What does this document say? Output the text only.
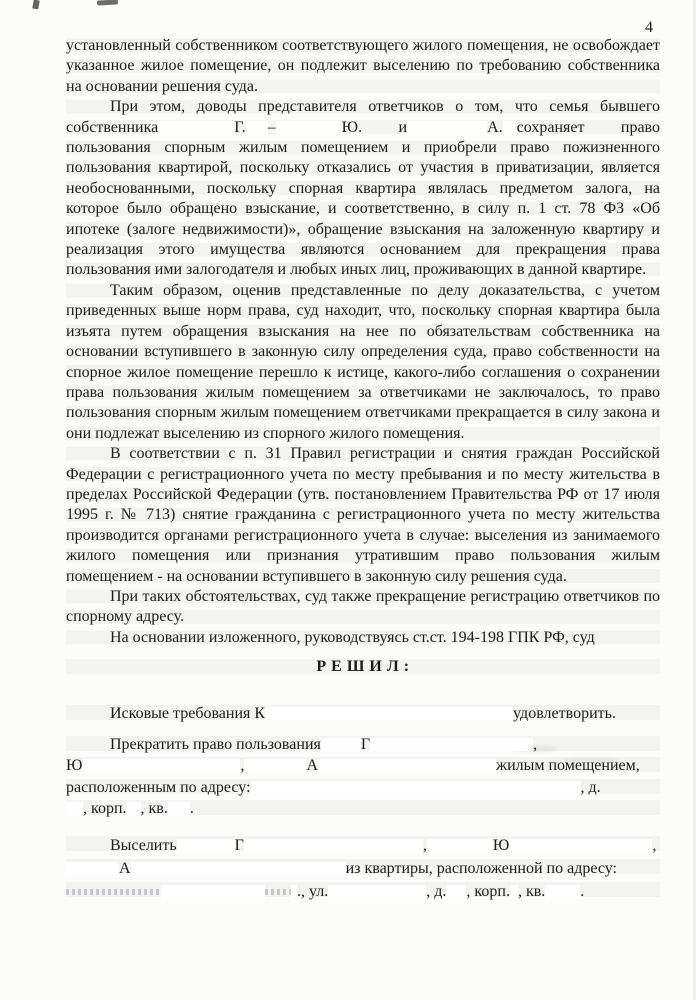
4

установленный собственником соответствующего жилого помещения, не освобождает указанное жилое помещение, он подлежит выселению по требованию собственника на основании решения суда.

При этом, доводы представителя ответчиков о том, что семья бывшего собственника	Г. –	Ю. и	А. сохраняет право пользования спорным жилым помещением и приобрели право пожизненного пользования квартирой, поскольку отказались от участия в приватизации, является необоснованными, поскольку спорная квартира являлась предметом залога, на которое было обращено взыскание, и соответственно, в силу п. 1 ст. 78 ФЗ «Об ипотеке (залоге недвижимости)», обращение взыскания на заложенную квартиру и реализация этого имущества являются основанием для прекращения права пользования ими залогодателя и любых иных лиц, проживающих в данной квартире.

Таким образом, оценив представленные по делу доказательства, с учетом приведенных выше норм права, суд находит, что, поскольку спорная квартира была изъята путем обращения взыскания на нее по обязательствам собственника на основании вступившего в законную силу определения суда, право собственности на спорное жилое помещение перешло к истице, какого-либо соглашения о сохранении права пользования жилым помещением за ответчиками не заключалось, то право пользования спорным жилым помещением ответчиками прекращается в силу закона и они подлежат выселению из спорного жилого помещения.

В соответствии с п. 31 Правил регистрации и снятия граждан Российской Федерации с регистрационного учета по месту пребывания и по месту жительства в пределах Российской Федерации (утв. постановлением Правительства РФ от 17 июля 1995 г. № 713) снятие гражданина с регистрационного учета по месту жительства производится органами регистрационного учета в случае: выселения из занимаемого жилого помещения или признания утратившим право пользования жилым помещением - на основании вступившего в законную силу решения суда.

При таких обстоятельствах, суд также прекращение регистрацию ответчиков по спорному адресу.

На основании изложенного, руководствуясь ст.ст. 194-198 ГПК РФ, суд

Р Е Ш И Л :
Исковые требования К	удовлетворить.
Прекратить право пользования	Г	,
Ю	,	А	жилым помещением,
расположенным по адресу:	, д.
, корп. , кв. .
Выселить	Г	,	Ю	,
А	из квартиры, расположенной по адресу:
., ул.	, д. , корп. , кв. .
